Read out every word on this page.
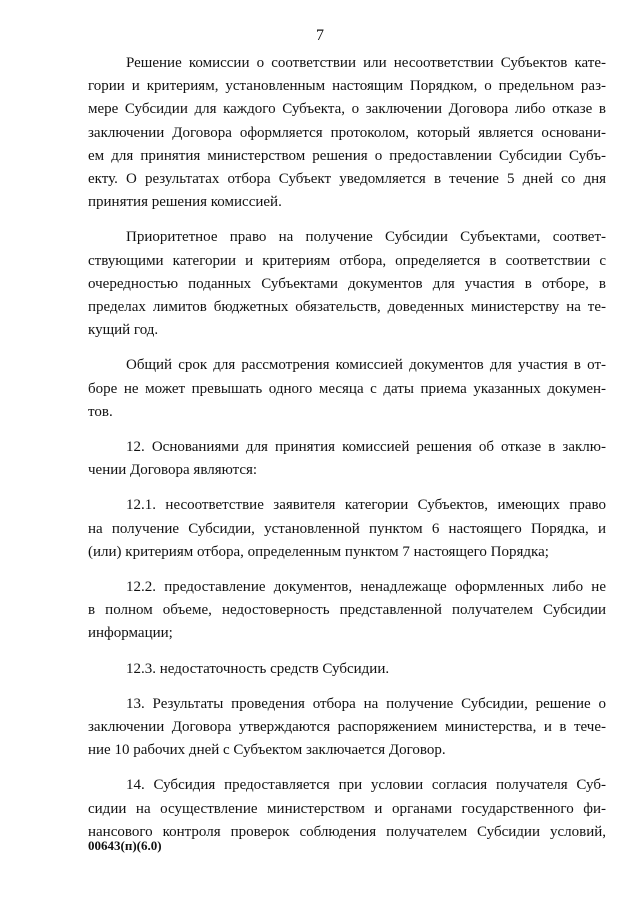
7

Решение комиссии о соответствии или несоответствии Субъектов кате-
гории и критериям, установленным настоящим Порядком, о предельном раз-
мере Субсидии для каждого Субъекта, о заключении Договора либо отказе в
заключении Договора оформляется протоколом, который является основани-
ем для принятия министерством решения о предоставлении Субсидии Субъ-
екту. О результатах отбора Субъект уведомляется в течение 5 дней со дня
принятия решения комиссией.

Приоритетное право на получение Субсидии Субъектами, соответ-
ствующими категории и критериям отбора, определяется в соответствии с
очередностью поданных Субъектами документов для участия в отборе, в
пределах лимитов бюджетных обязательств, доведенных министерству на те-
кущий год.

Общий срок для рассмотрения комиссией документов для участия в от-
боре не может превышать одного месяца с даты приема указанных докумен-
тов.

12. Основаниями для принятия комиссией решения об отказе в заклю-
чении Договора являются:

12.1. несоответствие заявителя категории Субъектов, имеющих право
на получение Субсидии, установленной пунктом 6 настоящего Порядка, и
(или) критериям отбора, определенным пунктом 7 настоящего Порядка;

12.2. предоставление документов, ненадлежаще оформленных либо не
в полном объеме, недостоверность представленной получателем Субсидии
информации;

12.3. недостаточность средств Субсидии.

13. Результаты проведения отбора на получение Субсидии, решение о
заключении Договора утверждаются распоряжением министерства, и в тече-
ние 10 рабочих дней с Субъектом заключается Договор.

14. Субсидия предоставляется при условии согласия получателя Суб-
сидии на осуществление министерством и органами государственного фи-
нансового контроля проверок соблюдения получателем Субсидии условий,

00643(п)(6.0)
